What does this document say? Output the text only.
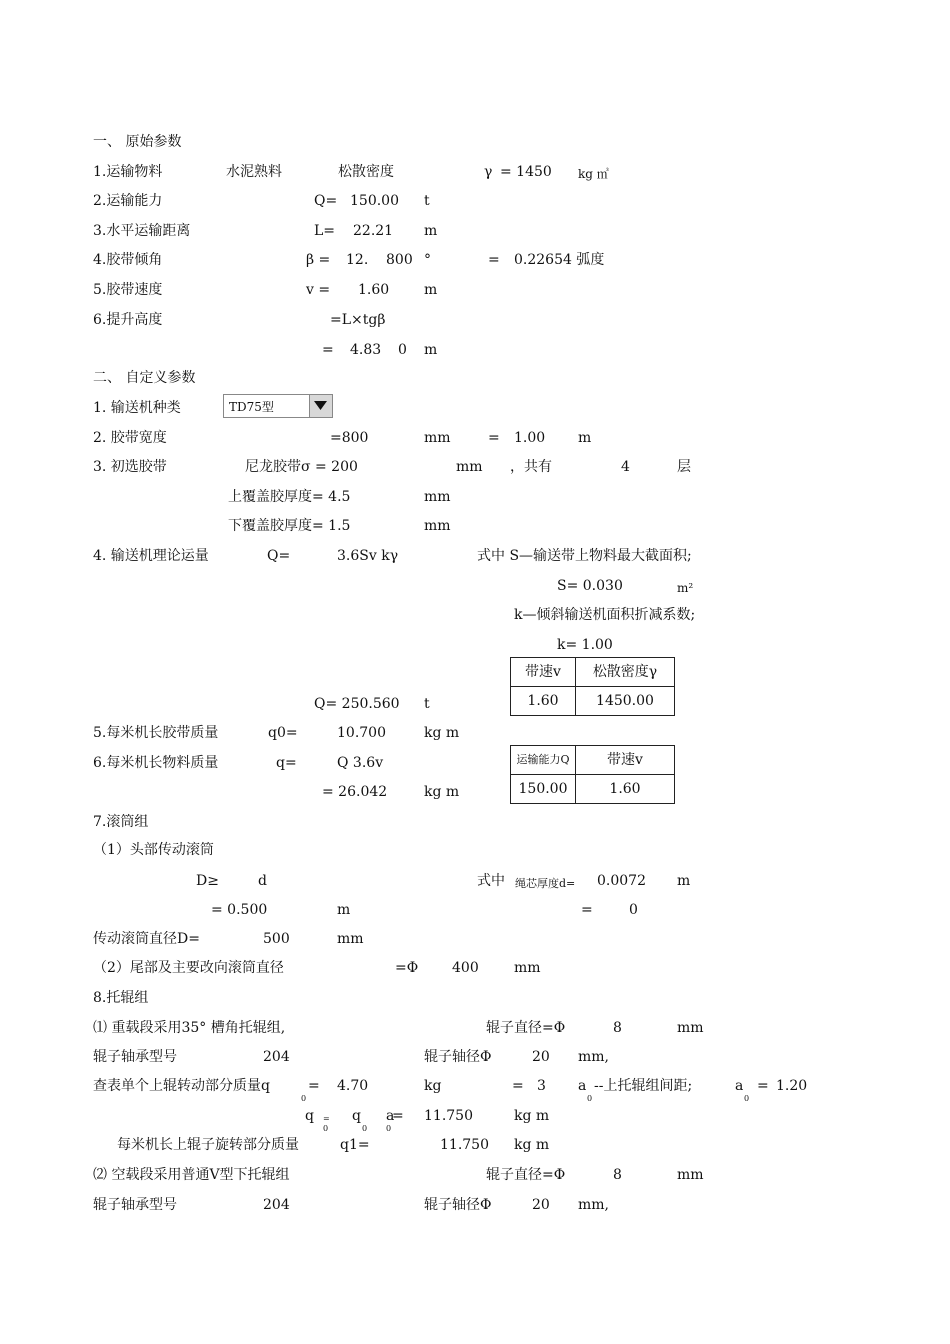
一、 原始参数
1.运输物料	水泥熟料	松散密度	γ = 1450 kg ㎥
2.运输能力	Q= 150.00 t
3.水平运输距离	L= 22.21 m
4.胶带倾角	β = 12. 800 °	= 0.22654 弧度
5.胶带速度	v = 1.60 m
6.提升高度	=L×tgβ
= 4.83 0 m
二、 自定义参数
1. 输送机种类	TD75型
2. 胶带宽度	=800	mm	= 1.00 m
3. 初选胶带	尼龙胶带σ = 200	mm ，共有	4	层
上覆盖胶厚度= 4.5	mm
下覆盖胶厚度= 1.5	mm
4. 输送机理论运量	Q=	3.6Sv kγ	式中 S—输送带上物料最大截面积;
S= 0.030	m²
k—倾斜输送机面积折减系数;
k= 1.00
带速v	松散密度γ
1.60	1450.00
Q= 250.560 t
5.每米机长胶带质量	q0=	10.700	kg m
6.每米机长物料质量	q=	Q 3.6v
= 26.042	kg m
运输能力Q	带速v
150.00	1.60
7.滚筒组
（1）头部传动滚筒
D≥	d	式中 绳芯厚度d= 0.0072 m
= 0.500	m	=	0
传动滚筒直径D=	500	mm
（2）尾部及主要改向滚筒直径	=Φ 400	mm
8.托辊组
⑴ 重载段采用35° 槽角托辊组,	辊子直径=Φ	8	mm
辊子轴承型号	204	辊子轴径Φ	20 mm,
查表单个上辊转动部分质量q
0
= 4.70	kg	= 3 a
0
--上托辊组间距;	a
0
= 1.20
q =
0
q
0
a
0
= 11.750	kg m
每米机长上辊子旋转部分质量	q1=	11.750 kg m
⑵ 空载段采用普通V型下托辊组	辊子直径=Φ	8	mm
辊子轴承型号	204	辊子轴径Φ	20 mm,
